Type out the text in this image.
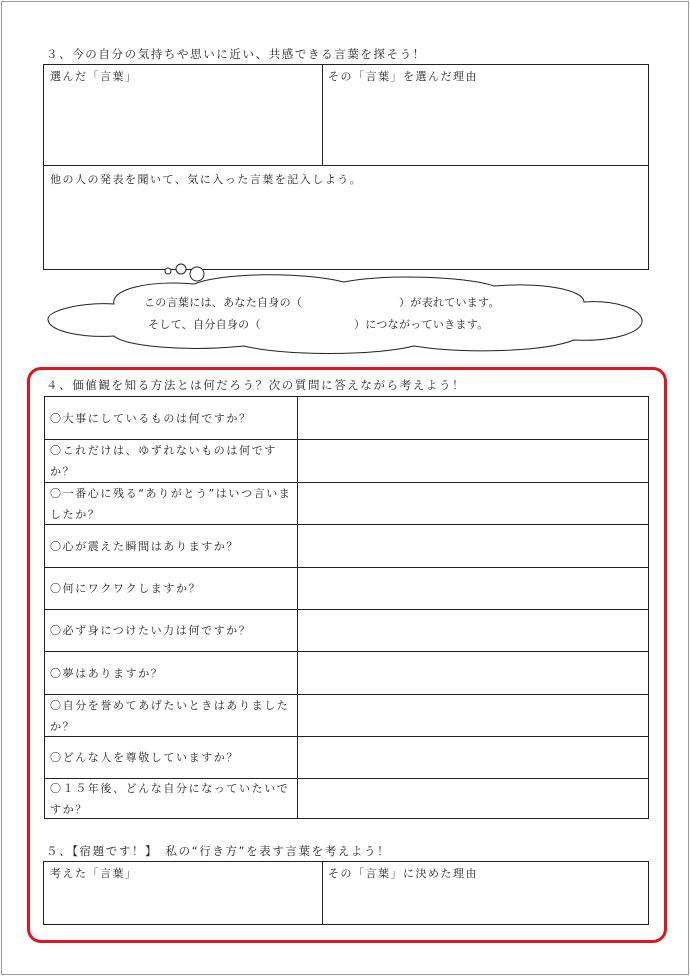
３、今の自分の気持ちや思いに近い、共感できる言葉を探そう！
選んだ「言葉」	その「言葉」を選んだ理由
他の人の発表を聞いて、気に入った言葉を記入しよう。
この言葉には、あなた自身の（	）が表れています。
そして、自分自身の（	）につながっていきます。
４、価値観を知る方法とは何だろう？次の質問に答えながら考えよう！
〇大事にしているものは何ですか？
〇これだけは、ゆずれないものは何ですか？
〇一番心に残る“ありがとう”はいつ言いましたか？
〇心が震えた瞬間はありますか？
〇何にワクワクしますか？
〇必ず身につけたい力は何ですか？
〇夢はありますか？
〇自分を誉めてあげたいときはありましたか？
〇どんな人を尊敬していますか？
〇１５年後、どんな自分になっていたいですか？
５、【宿題です！】　私の“行き方”を表す言葉を考えよう！
考えた「言葉」	その「言葉」に決めた理由
